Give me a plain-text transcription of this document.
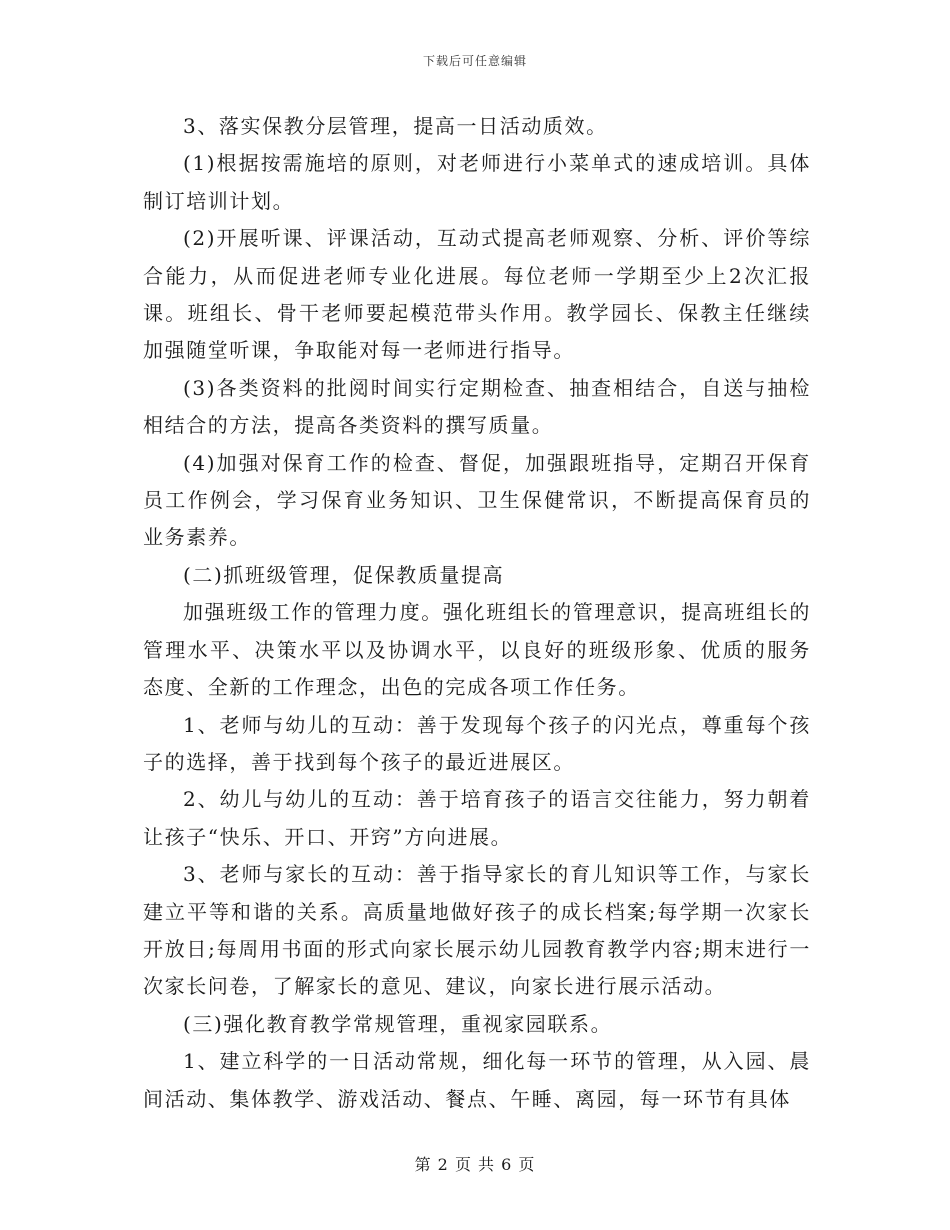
下载后可任意编辑

3、落实保教分层管理，提高一日活动质效。

(1)根据按需施培的原则，对老师进行小菜单式的速成培训。具体制订培训计划。

(2)开展听课、评课活动，互动式提高老师观察、分析、评价等综合能力，从而促进老师专业化进展。每位老师一学期至少上2次汇报课。班组长、骨干老师要起模范带头作用。教学园长、保教主任继续加强随堂听课，争取能对每一老师进行指导。

(3)各类资料的批阅时间实行定期检查、抽查相结合，自送与抽检相结合的方法，提高各类资料的撰写质量。

(4)加强对保育工作的检查、督促，加强跟班指导，定期召开保育员工作例会，学习保育业务知识、卫生保健常识，不断提高保育员的业务素养。

(二)抓班级管理，促保教质量提高

加强班级工作的管理力度。强化班组长的管理意识，提高班组长的管理水平、决策水平以及协调水平，以良好的班级形象、优质的服务态度、全新的工作理念，出色的完成各项工作任务。

1、老师与幼儿的互动：善于发现每个孩子的闪光点，尊重每个孩子的选择，善于找到每个孩子的最近进展区。

2、幼儿与幼儿的互动：善于培育孩子的语言交往能力，努力朝着让孩子“快乐、开口、开窍”方向进展。

3、老师与家长的互动：善于指导家长的育儿知识等工作，与家长建立平等和谐的关系。高质量地做好孩子的成长档案;每学期一次家长开放日;每周用书面的形式向家长展示幼儿园教育教学内容;期末进行一次家长问卷，了解家长的意见、建议，向家长进行展示活动。

(三)强化教育教学常规管理，重视家园联系。

1、建立科学的一日活动常规，细化每一环节的管理，从入园、晨间活动、集体教学、游戏活动、餐点、午睡、离园，每一环节有具体

第 2 页 共 6 页
